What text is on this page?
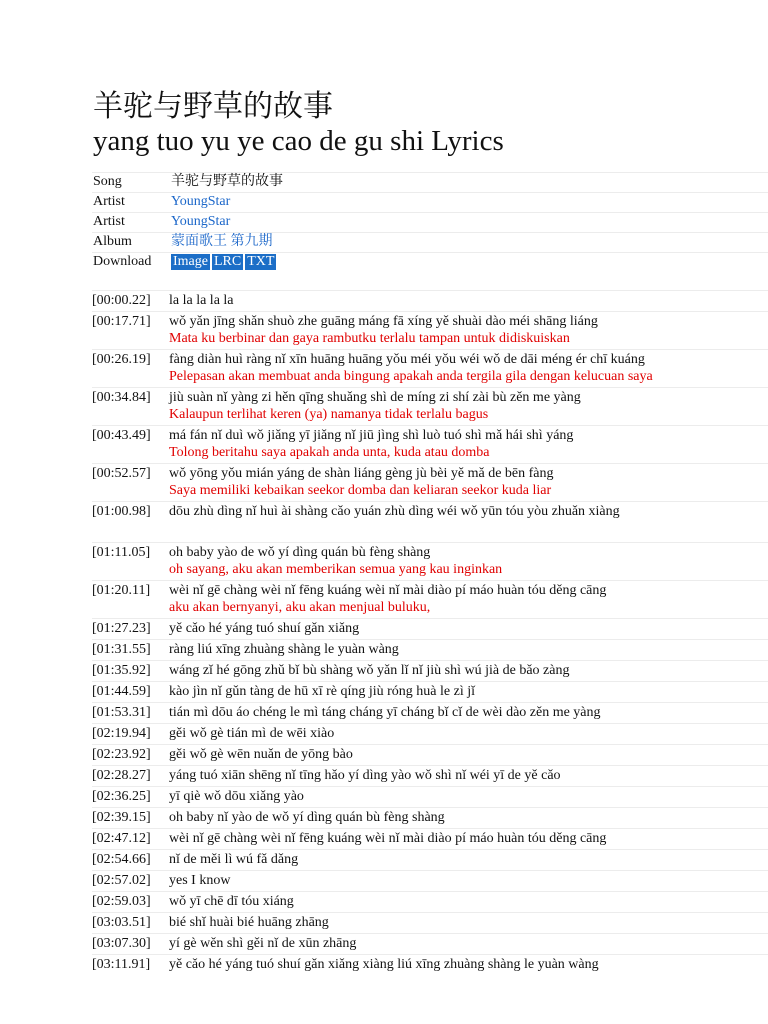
羊驼与野草的故事
yang tuo yu ye cao de gu shi Lyrics
Song	羊驼与野草的故事
Artist	YoungStar
Artist	YoungStar
Album	蒙面歌王 第九期
Download	Image LRC TXT
[00:00.22]	la la la la la

[00:17.71]	wǒ yǎn jīng shǎn shuò zhe guāng máng fā xíng yě shuài dào méi shāng liáng
Mata ku berbinar dan gaya rambutku terlalu tampan untuk didiskuiskan

[00:26.19]	fàng diàn huì ràng nǐ xīn huāng huāng yǒu méi yǒu wéi wǒ de dāi méng ér chī kuáng
Pelepasan akan membuat anda bingung apakah anda tergila gila dengan kelucuan saya

[00:34.84]	jiù suàn nǐ yàng zi hěn qīng shuǎng shì de míng zi shí zài bù zěn me yàng
Kalaupun terlihat keren (ya) namanya tidak terlalu bagus

[00:43.49]	má fán nǐ duì wǒ jiǎng yī jiǎng nǐ jiū jìng shì luò tuó shì mǎ hái shì yáng
Tolong beritahu saya apakah anda unta, kuda atau domba

[00:52.57]	wǒ yōng yǒu mián yáng de shàn liáng gèng jù bèi yě mǎ de bēn fàng
Saya memiliki kebaikan seekor domba dan keliaran seekor kuda liar

[01:00.98]	dōu zhù dìng nǐ huì ài shàng cǎo yuán zhù dìng wéi wǒ yūn tóu yòu zhuǎn xiàng

[01:11.05]	oh baby yào de wǒ yí dìng quán bù fèng shàng
oh sayang, aku akan memberikan semua yang kau inginkan

[01:20.11]	wèi nǐ gē chàng wèi nǐ fēng kuáng wèi nǐ mài diào pí máo huàn tóu děng cāng
aku akan bernyanyi, aku akan menjual buluku,

[01:27.23]	yě cǎo hé yáng tuó shuí gǎn xiǎng

[01:31.55]	ràng liú xīng zhuàng shàng le yuàn wàng

[01:35.92]	wáng zǐ hé gōng zhǔ bǐ bù shàng wǒ yǎn lǐ nǐ jiù shì wú jià de bǎo zàng

[01:44.59]	kào jìn nǐ gǔn tàng de hū xī rè qíng jiù róng huà le zì jǐ

[01:53.31]	tián mì dōu áo chéng le mì táng cháng yī cháng bǐ cǐ de wèi dào zěn me yàng

[02:19.94]	gěi wǒ gè tián mì de wēi xiào

[02:23.92]	gěi wǒ gè wēn nuǎn de yōng bào

[02:28.27]	yáng tuó xiān shēng nǐ tīng hǎo yí dìng yào wǒ shì nǐ wéi yī de yě cǎo

[02:36.25]	yī qiè wǒ dōu xiǎng yào

[02:39.15]	oh baby nǐ yào de wǒ yí dìng quán bù fèng shàng

[02:47.12]	wèi nǐ gē chàng wèi nǐ fēng kuáng wèi nǐ mài diào pí máo huàn tóu děng cāng

[02:54.66]	nǐ de měi lì wú fǎ dǎng

[02:57.02]	yes I know

[02:59.03]	wǒ yī chē dī tóu xiáng

[03:03.51]	bié shǐ huài bié huāng zhāng

[03:07.30]	yí gè wěn shì gěi nǐ de xūn zhāng

[03:11.91]	yě cǎo hé yáng tuó shuí gǎn xiǎng xiàng liú xīng zhuàng shàng le yuàn wàng
